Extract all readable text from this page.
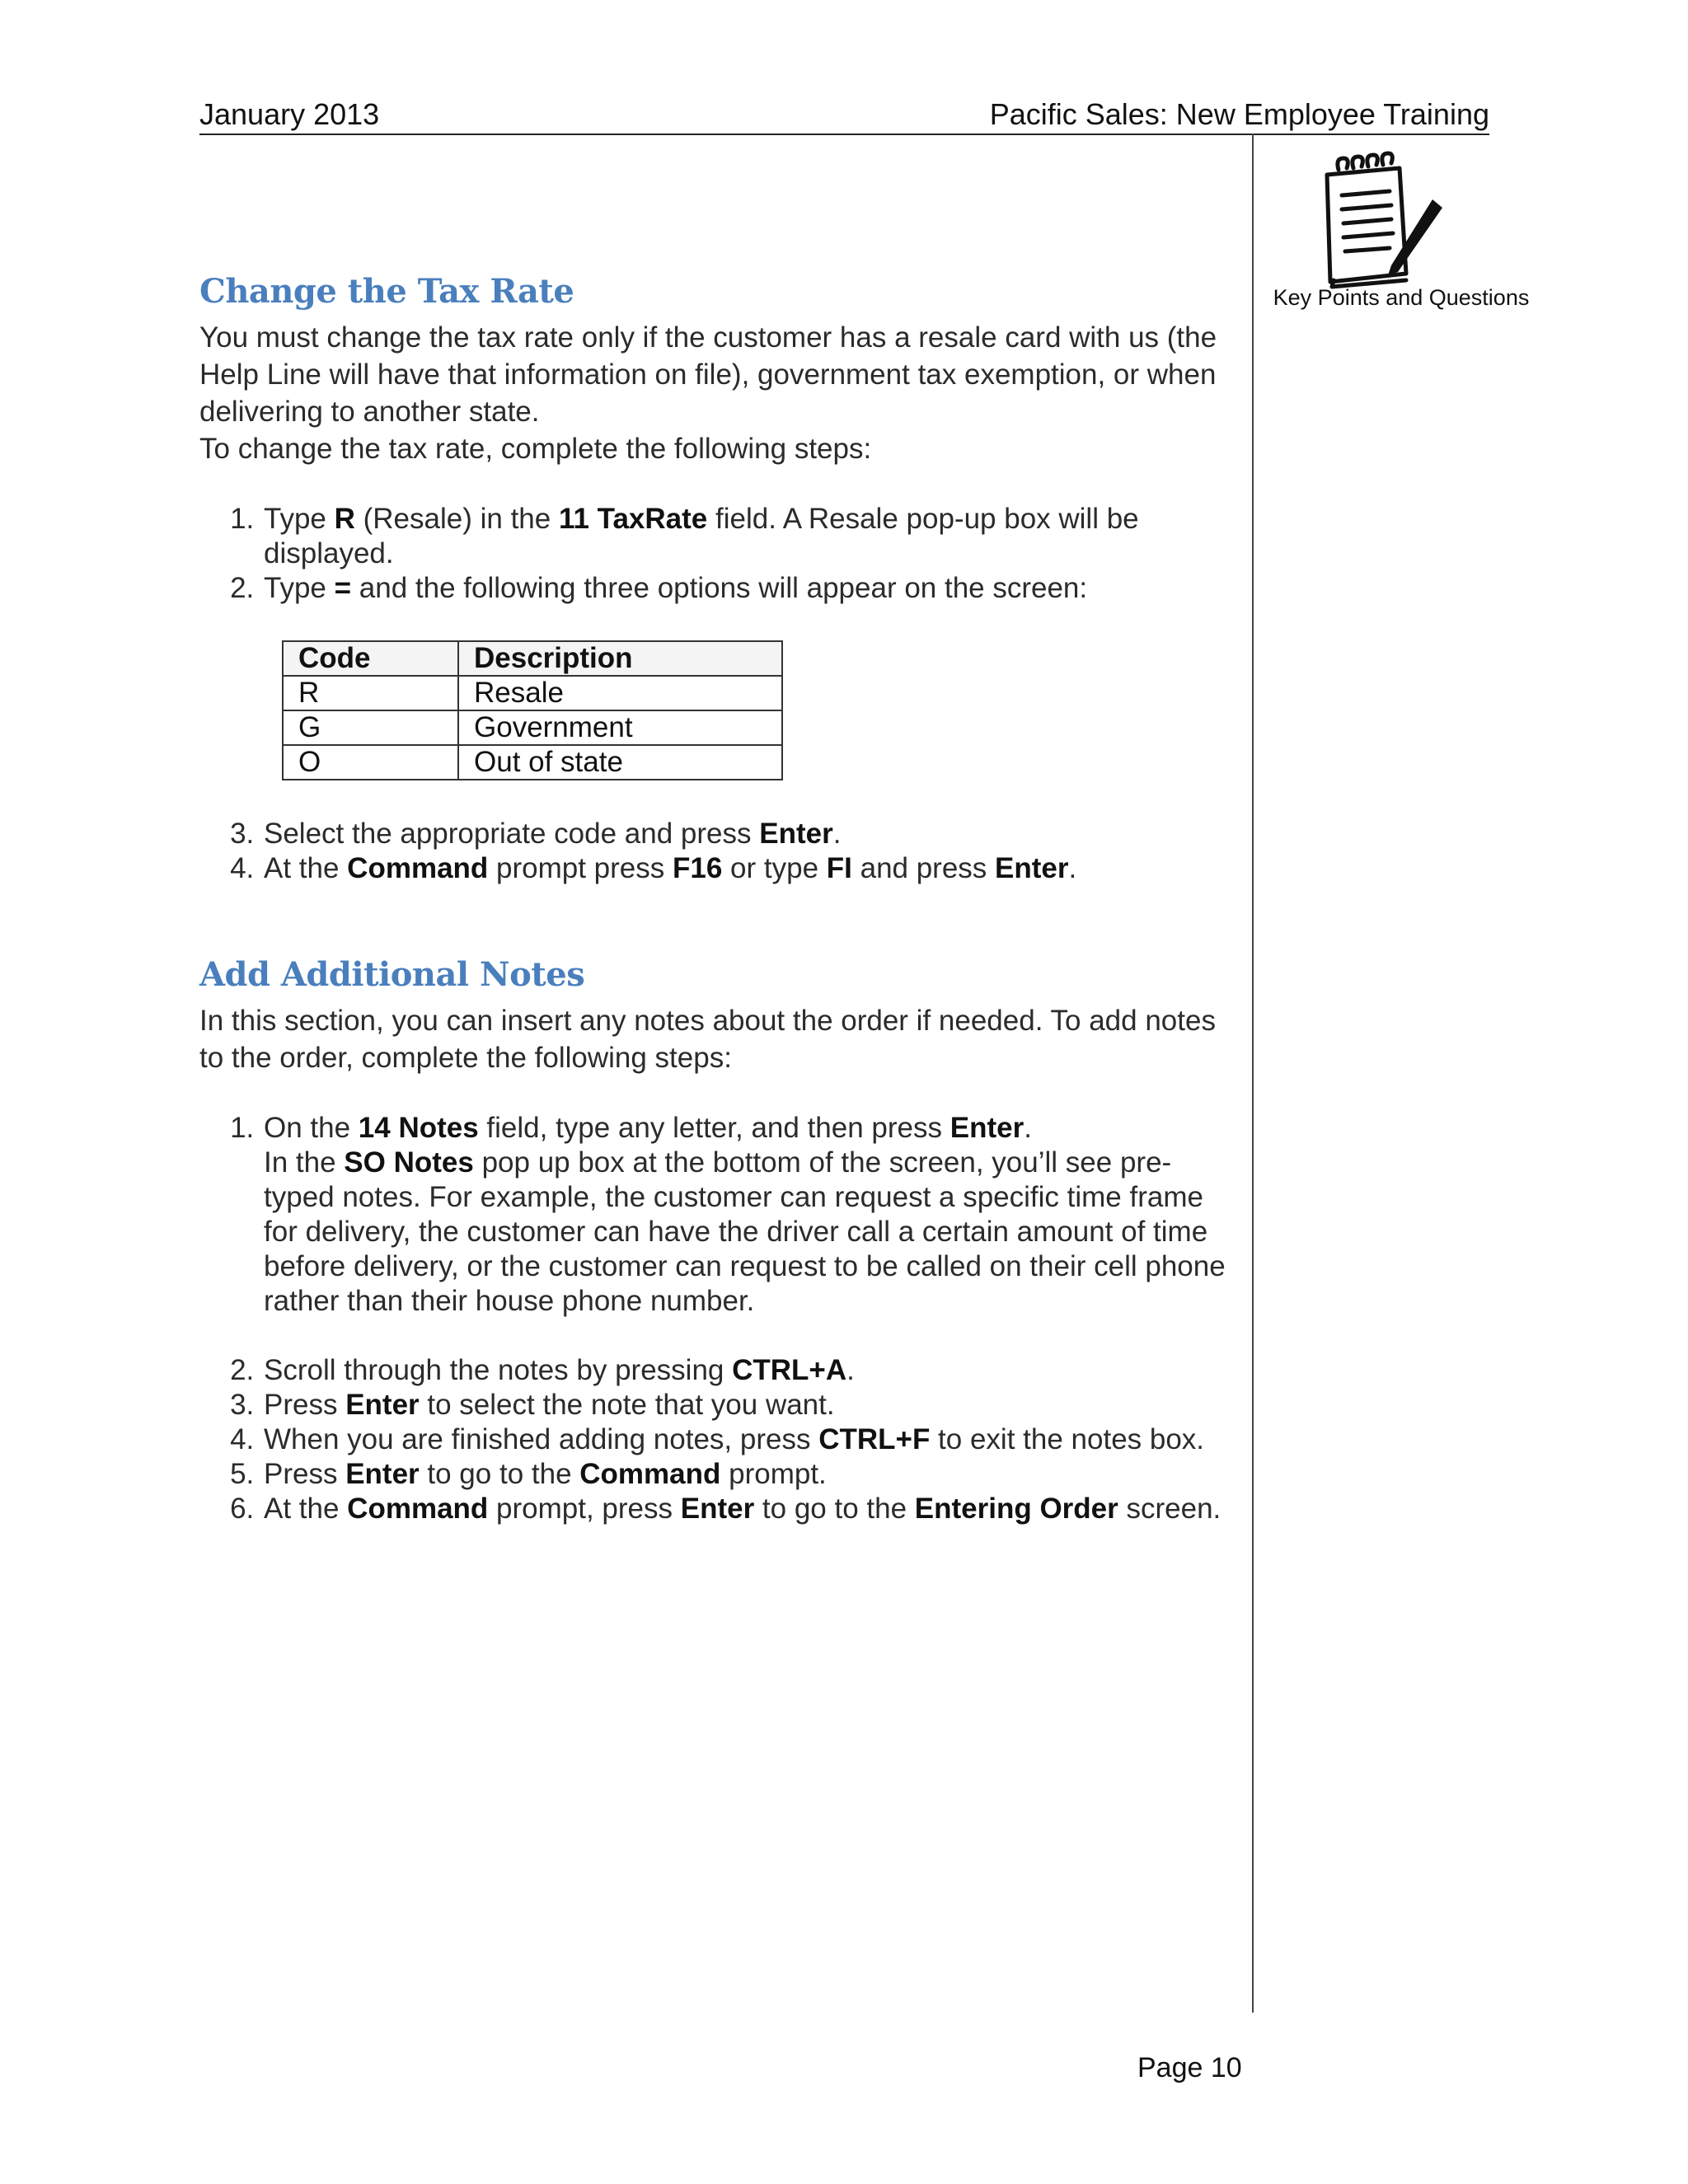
January 2013	Pacific Sales: New Employee Training
Key Points and Questions
Change the Tax Rate

You must change the tax rate only if the customer has a resale card with us (the Help Line will have that information on file), government tax exemption, or when delivering to another state.

To change the tax rate, complete the following steps:

1. Type R (Resale) in the 11 TaxRate field. A Resale pop-up box will be displayed.
2. Type = and the following three options will appear on the screen:
Code	Description
R	Resale
G	Government
O	Out of state
3. Select the appropriate code and press Enter.
4. At the Command prompt press F16 or type FI and press Enter.
Add Additional Notes

In this section, you can insert any notes about the order if needed. To add notes to the order, complete the following steps:

1. On the 14 Notes field, type any letter, and then press Enter.
In the SO Notes pop up box at the bottom of the screen, you’ll see pre-typed notes. For example, the customer can request a specific time frame for delivery, the customer can have the driver call a certain amount of time before delivery, or the customer can request to be called on their cell phone rather than their house phone number.
2. Scroll through the notes by pressing CTRL+A.
3. Press Enter to select the note that you want.
4. When you are finished adding notes, press CTRL+F to exit the notes box.
5. Press Enter to go to the Command prompt.
6. At the Command prompt, press Enter to go to the Entering Order screen.
Page 10
